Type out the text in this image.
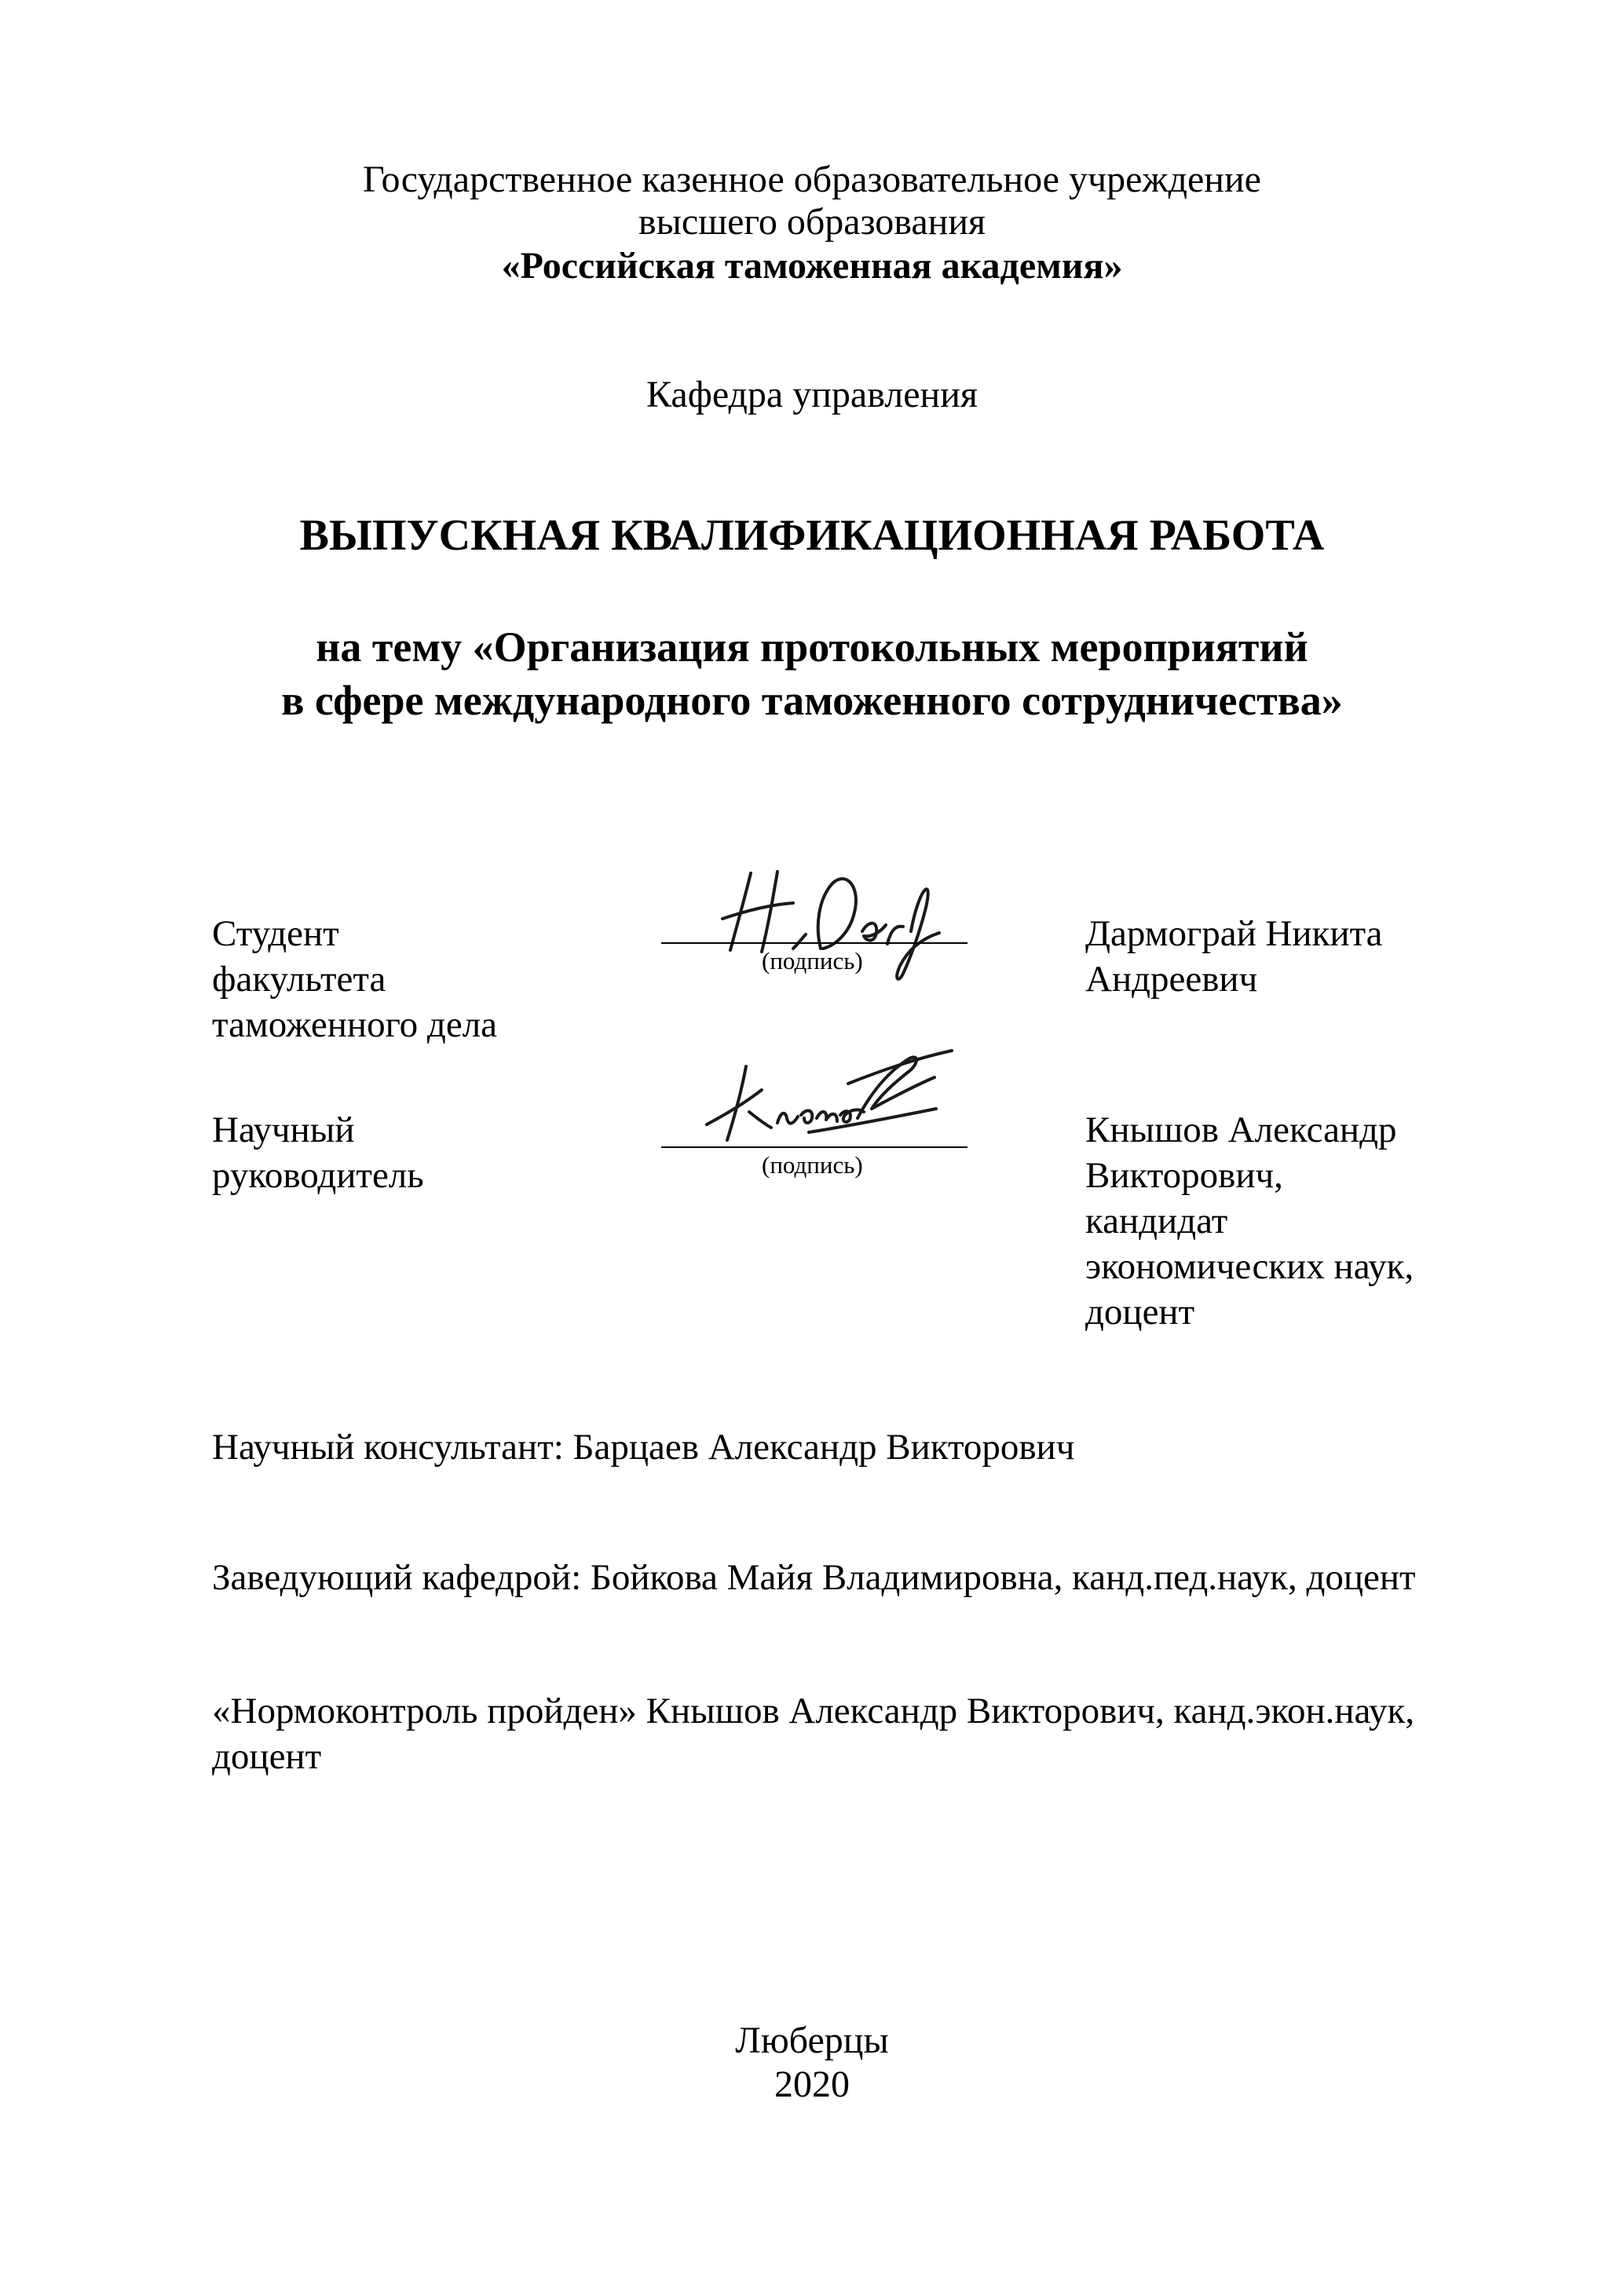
Государственное казенное образовательное учреждение
высшего образования
«Российская таможенная академия»
Кафедра управления
ВЫПУСКНАЯ КВАЛИФИКАЦИОННАЯ РАБОТА
на тему «Организация протокольных мероприятий
в сфере международного таможенного сотрудничества»
Студент
факультета
таможенного дела
(подпись)
Дармограй Никита
Андреевич
Научный
руководитель	(подпись)
Кнышов Александр
Викторович,
кандидат
экономических наук,
доцент
Научный консультант: Барцаев Александр Викторович
Заведующий кафедрой: Бойкова Майя Владимировна, канд.пед.наук, доцент
«Нормоконтроль пройден» Кнышов Александр Викторович, канд.экон.наук, доцент
Люберцы
2020
